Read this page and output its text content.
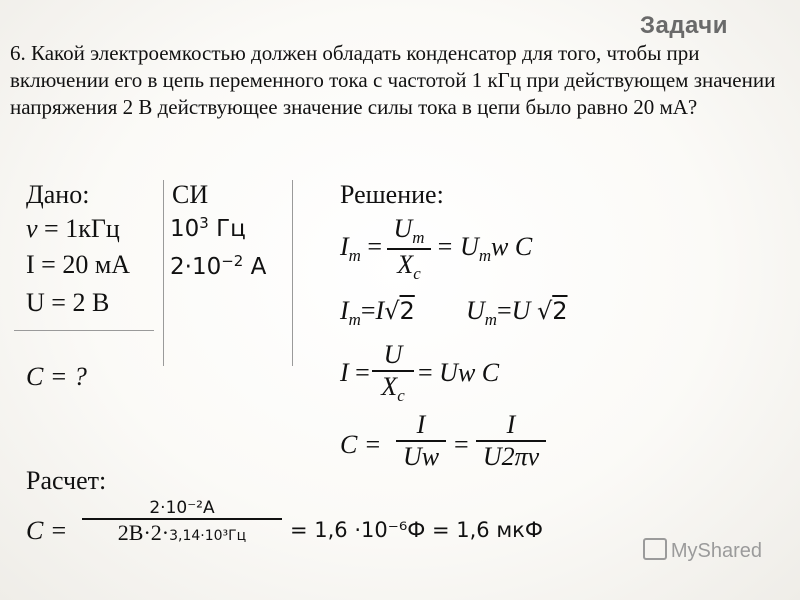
Задачи
6. Какой электроемкостью должен обладать конденсатор для того, чтобы при включении его в цепь переменного тока с частотой 1 кГц при действующем значении напряжения 2 В действующее значение силы тока в цепи было равно 20 мА?
Дано:
ν = 1кГц
I = 20 мА
U = 2 В
С = ?
СИ
$10^3$ Гц
$2\cdot 10^{-2}$ А
Решение:
$I_m$ =
$U_m$
$X_c$
= $U_mw$ C
$I_m=I√2$ $U_m=U$ √2
I =
U
$X_c$
= Uw C
C =
I
Uw =
I
U2πν
Расчет:
С =
2·10⁻²А
2В·2·3,14·10³Гц	= 1,6 ·10⁻⁶Ф = 1,6 мкФ
MyShared
